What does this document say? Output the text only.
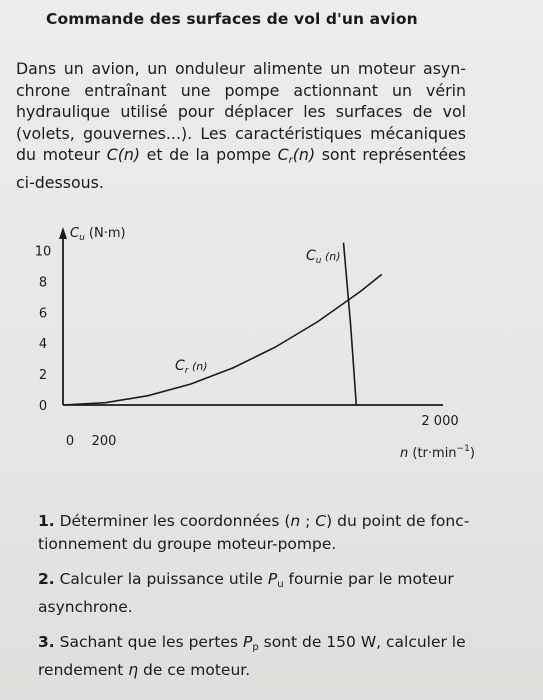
Commande des surfaces de vol d'un avion
Dans un avion, un onduleur alimente un moteur asyn-chrone entraînant une pompe actionnant un vérin hydraulique utilisé pour déplacer les surfaces de vol (volets, gouvernes...). Les caractéristiques mécaniques du moteur C(n) et de la pompe $C_r(n)$ sont représentées ci-dessous.
0
2
4
6
8
10
0 200
2 000
$C_u$ (N·m)
n $(tr\cdot\min^{-1})$
$C_r$ $^{(n)}$
$C_u$ $^{(n)}$

1. Déterminer les coordonnées (n ; C) du point de fonc-tionnement du groupe moteur-pompe.

2. Calculer la puissance utile $P_u$ fournie par le moteur asynchrone.

3. Sachant que les pertes $P_p$ sont de 150 W, calculer le rendement η de ce moteur.
